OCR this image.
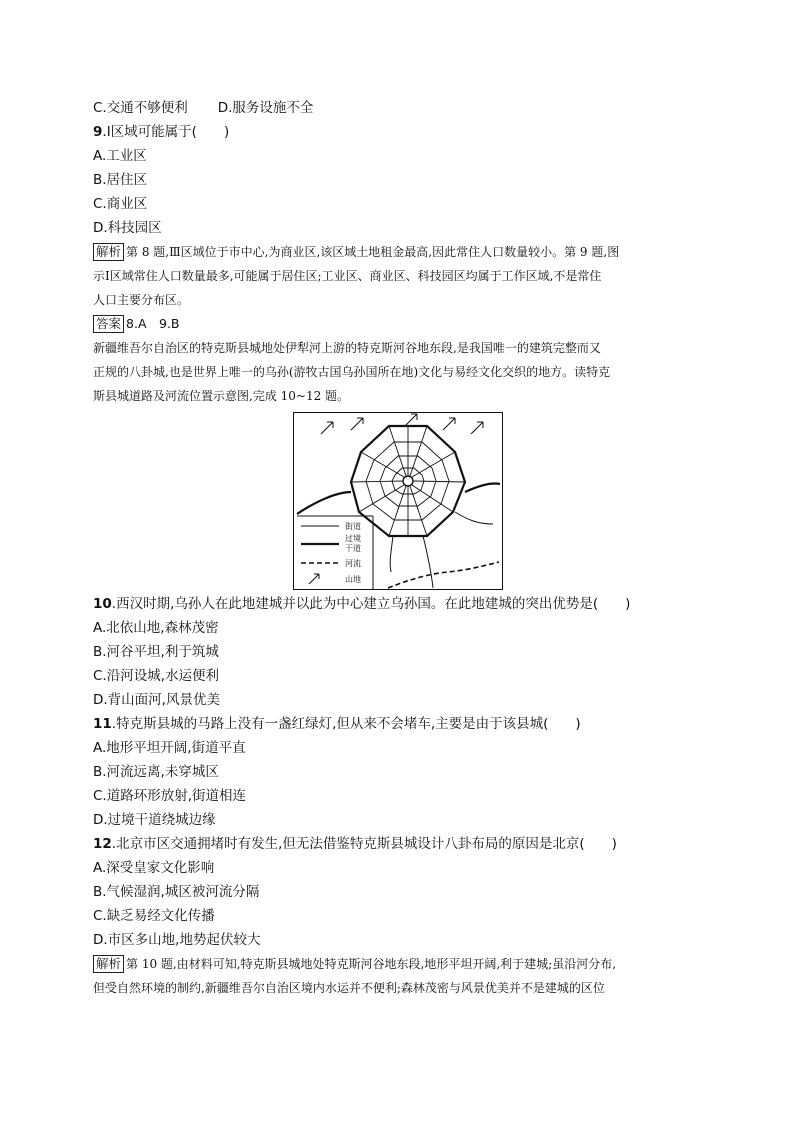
C.交通不够便利 D.服务设施不全
9.Ⅰ区域可能属于(　　)
A.工业区
B.居住区
C.商业区
D.科技园区

解析 第 8 题,Ⅲ区域位于市中心,为商业区,该区域土地租金最高,因此常住人口数量较小。第 9 题,图

示Ⅰ区域常住人口数量最多,可能属于居住区;工业区、商业区、科技园区均属于工作区域,不是常住

人口主要分布区。

答案 8.A　9.B

新疆维吾尔自治区的特克斯县城地处伊犁河上游的特克斯河谷地东段,是我国唯一的建筑完整而又

正规的八卦城,也是世界上唯一的乌孙(游牧古国乌孙国所在地)文化与易经文化交织的地方。读特克

斯县城道路及河流位置示意图,完成 10~12 题。

街道
过境
干道
河流
山地
10.西汉时期,乌孙人在此地建城并以此为中心建立乌孙国。在此地建城的突出优势是(　　)
A.北依山地,森林茂密
B.河谷平坦,利于筑城
C.沿河设城,水运便利
D.背山面河,风景优美
11.特克斯县城的马路上没有一盏红绿灯,但从来不会堵车,主要是由于该县城(　　)
A.地形平坦开阔,街道平直
B.河流远离,未穿城区
C.道路环形放射,街道相连
D.过境干道绕城边缘
12.北京市区交通拥堵时有发生,但无法借鉴特克斯县城设计八卦布局的原因是北京(　　)
A.深受皇家文化影响
B.气候湿润,城区被河流分隔
C.缺乏易经文化传播
D.市区多山地,地势起伏较大

解析 第 10 题,由材料可知,特克斯县城地处特克斯河谷地东段,地形平坦开阔,利于建城;虽沿河分布,

但受自然环境的制约,新疆维吾尔自治区境内水运并不便利;森林茂密与风景优美并不是建城的区位
